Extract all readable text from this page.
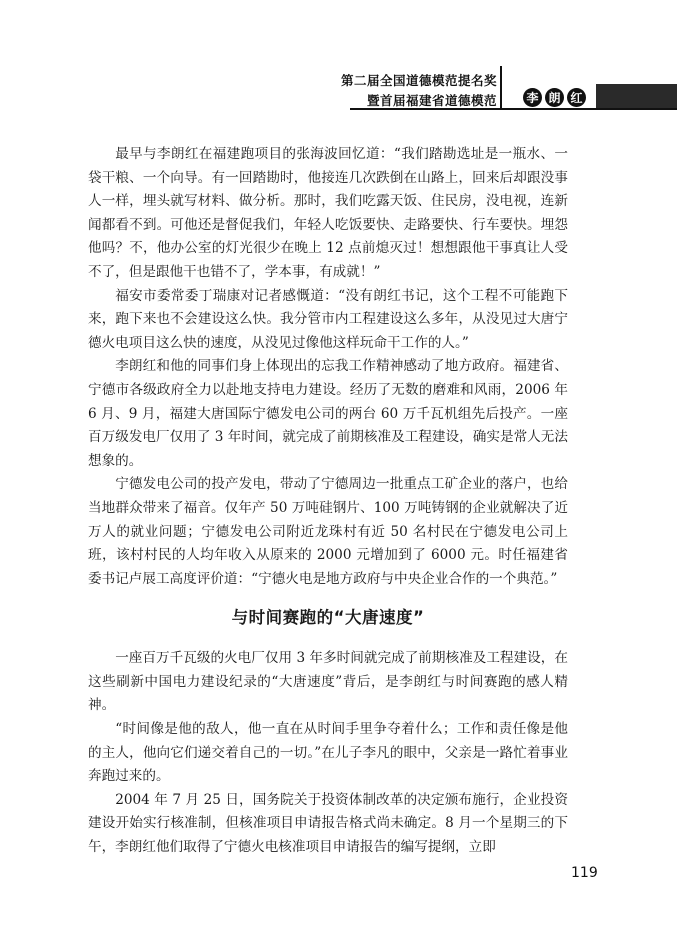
第二届全国道德模范提名奖
暨首届福建省道德模范 李 朗 红

最早与李朗红在福建跑项目的张海波回忆道：“我们踏勘选址是一瓶水、一袋干粮、一个向导。有一回踏勘时，他接连几次跌倒在山路上，回来后却跟没事人一样，埋头就写材料、做分析。那时，我们吃露天饭、住民房，没电视，连新闻都看不到。可他还是督促我们，年轻人吃饭要快、走路要快、行车要快。埋怨他吗？不，他办公室的灯光很少在晚上 12 点前熄灭过！想想跟他干事真让人受不了，但是跟他干也错不了，学本事，有成就！”

福安市委常委丁瑞康对记者感慨道：“没有朗红书记，这个工程不可能跑下来，跑下来也不会建设这么快。我分管市内工程建设这么多年，从没见过大唐宁德火电项目这么快的速度，从没见过像他这样玩命干工作的人。”

李朗红和他的同事们身上体现出的忘我工作精神感动了地方政府。福建省、宁德市各级政府全力以赴地支持电力建设。经历了无数的磨难和风雨，2006 年 6 月、9 月，福建大唐国际宁德发电公司的两台 60 万千瓦机组先后投产。一座百万级发电厂仅用了 3 年时间，就完成了前期核准及工程建设，确实是常人无法想象的。

宁德发电公司的投产发电，带动了宁德周边一批重点工矿企业的落户，也给当地群众带来了福音。仅年产 50 万吨硅钢片、100 万吨铸钢的企业就解决了近万人的就业问题；宁德发电公司附近龙珠村有近 50 名村民在宁德发电公司上班，该村村民的人均年收入从原来的 2000 元增加到了 6000 元。时任福建省委书记卢展工高度评价道：“宁德火电是地方政府与中央企业合作的一个典范。”

与时间赛跑的“大唐速度”

一座百万千瓦级的火电厂仅用 3 年多时间就完成了前期核准及工程建设，在这些刷新中国电力建设纪录的“大唐速度”背后，是李朗红与时间赛跑的感人精神。

“时间像是他的敌人，他一直在从时间手里争夺着什么；工作和责任像是他的主人，他向它们递交着自己的一切。”在儿子李凡的眼中，父亲是一路忙着事业奔跑过来的。

2004 年 7 月 25 日，国务院关于投资体制改革的决定颁布施行，企业投资建设开始实行核准制，但核准项目申请报告格式尚未确定。8 月一个星期三的下午，李朗红他们取得了宁德火电核准项目申请报告的编写提纲，立即

119
